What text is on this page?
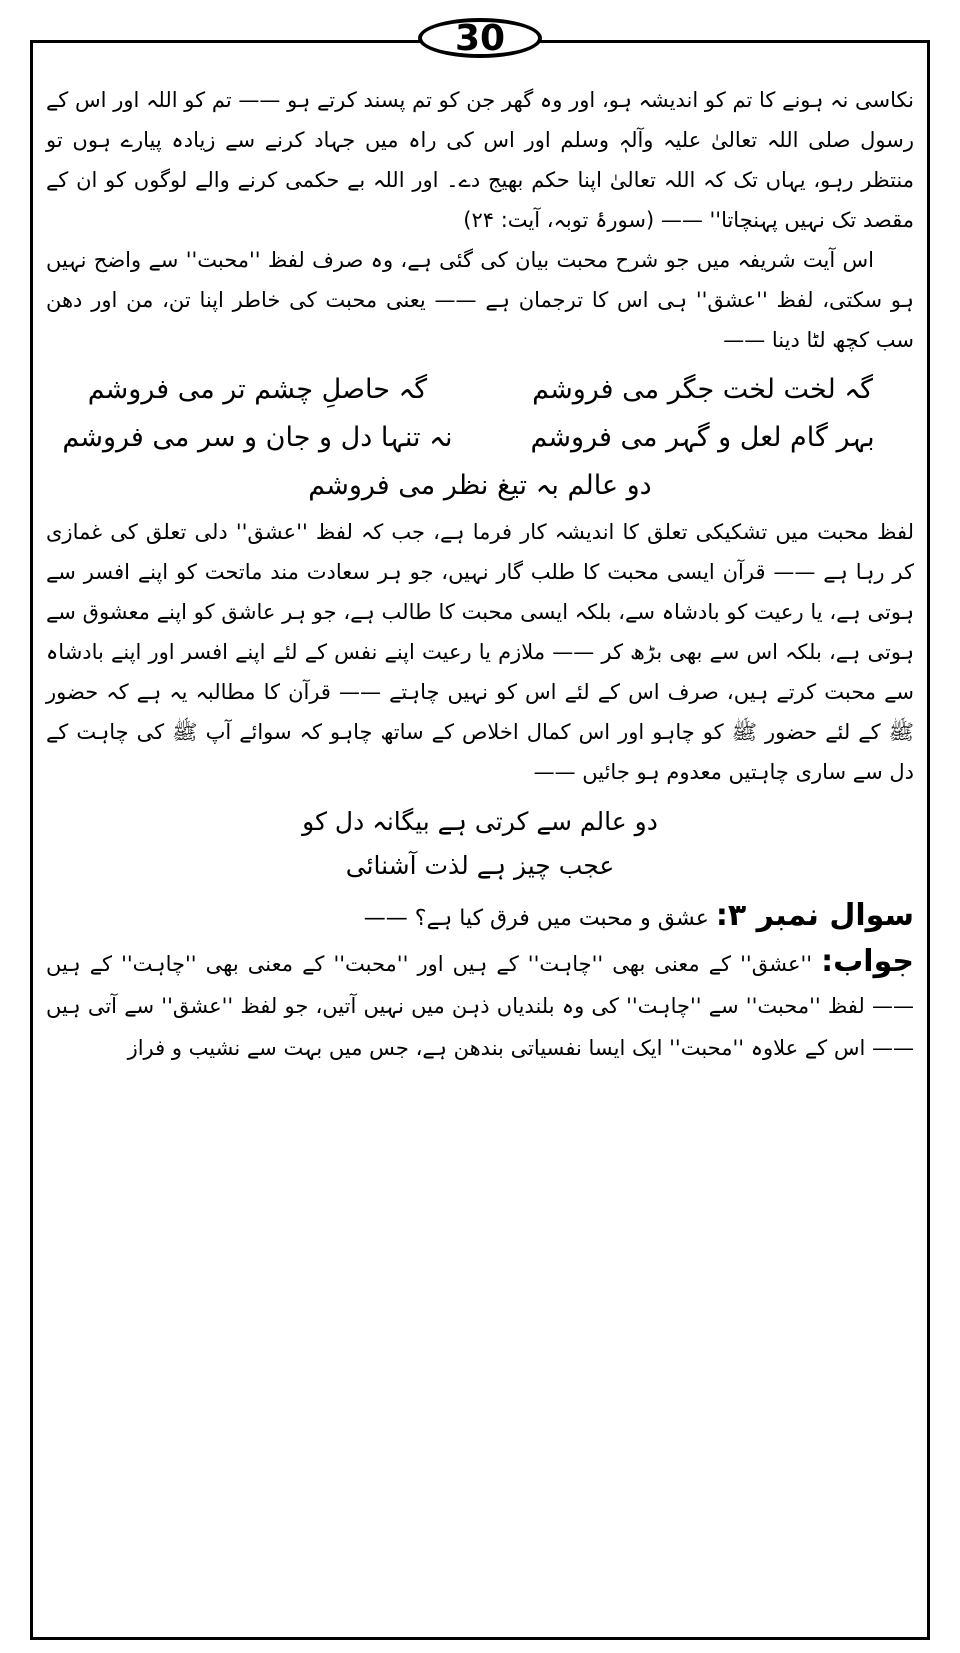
30

نکاسی نہ ہونے کا تم کو اندیشہ ہو، اور وہ گھر جن کو تم پسند کرتے ہو —— تم کو اللہ اور اس کے رسول صلی اللہ تعالیٰ علیہ وآلہٖ وسلم اور اس کی راہ میں جہاد کرنے سے زیادہ پیارے ہوں تو منتظر رہو، یہاں تک کہ اللہ تعالیٰ اپنا حکم بھیج دے۔ اور اللہ بے حکمی کرنے والے لوگوں کو ان کے مقصد تک نہیں پہنچاتا'' —— (سورۂ توبہ، آیت: ۲۴)

اس آیت شریفہ میں جو شرح محبت بیان کی گئی ہے، وہ صرف لفظ ''محبت'' سے واضح نہیں ہو سکتی، لفظ ''عشق'' ہی اس کا ترجمان ہے —— یعنی محبت کی خاطر اپنا تن، من اور دھن سب کچھ لٹا دینا ——

گہ لخت لخت جگر می فروشم
گہ حاصلِ چشم تر می فروشم
بہر گام لعل و گہر می فروشم
نہ تنہا دل و جان و سر می فروشم
دو عالم بہ تیغ نظر می فروشم

لفظ محبت میں تشکیکی تعلق کا اندیشہ کار فرما ہے، جب کہ لفظ ''عشق'' دلی تعلق کی غمازی کر رہا ہے —— قرآن ایسی محبت کا طلب گار نہیں، جو ہر سعادت مند ماتحت کو اپنے افسر سے ہوتی ہے، یا رعیت کو بادشاہ سے، بلکہ ایسی محبت کا طالب ہے، جو ہر عاشق کو اپنے معشوق سے ہوتی ہے، بلکہ اس سے بھی بڑھ کر —— ملازم یا رعیت اپنے نفس کے لئے اپنے افسر اور اپنے بادشاہ سے محبت کرتے ہیں، صرف اس کے لئے اس کو نہیں چاہتے —— قرآن کا مطالبہ یہ ہے کہ حضور ﷺ کے لئے حضور ﷺ کو چاہو اور اس کمال اخلاص کے ساتھ چاہو کہ سوائے آپ ﷺ کی چاہت کے دل سے ساری چاہتیں معدوم ہو جائیں ——

دو عالم سے کرتی ہے بیگانہ دل کو
عجب چیز ہے لذت آشنائی
سوال نمبر ۳: عشق و محبت میں فرق کیا ہے؟ ——

جواب: ''عشق'' کے معنی بھی ''چاہت'' کے ہیں اور ''محبت'' کے معنی بھی ''چاہت'' کے ہیں —— لفظ ''محبت'' سے ''چاہت'' کی وہ بلندیاں ذہن میں نہیں آتیں، جو لفظ ''عشق'' سے آتی ہیں —— اس کے علاوہ ''محبت'' ایک ایسا نفسیاتی بندھن ہے، جس میں بہت سے نشیب و فراز
